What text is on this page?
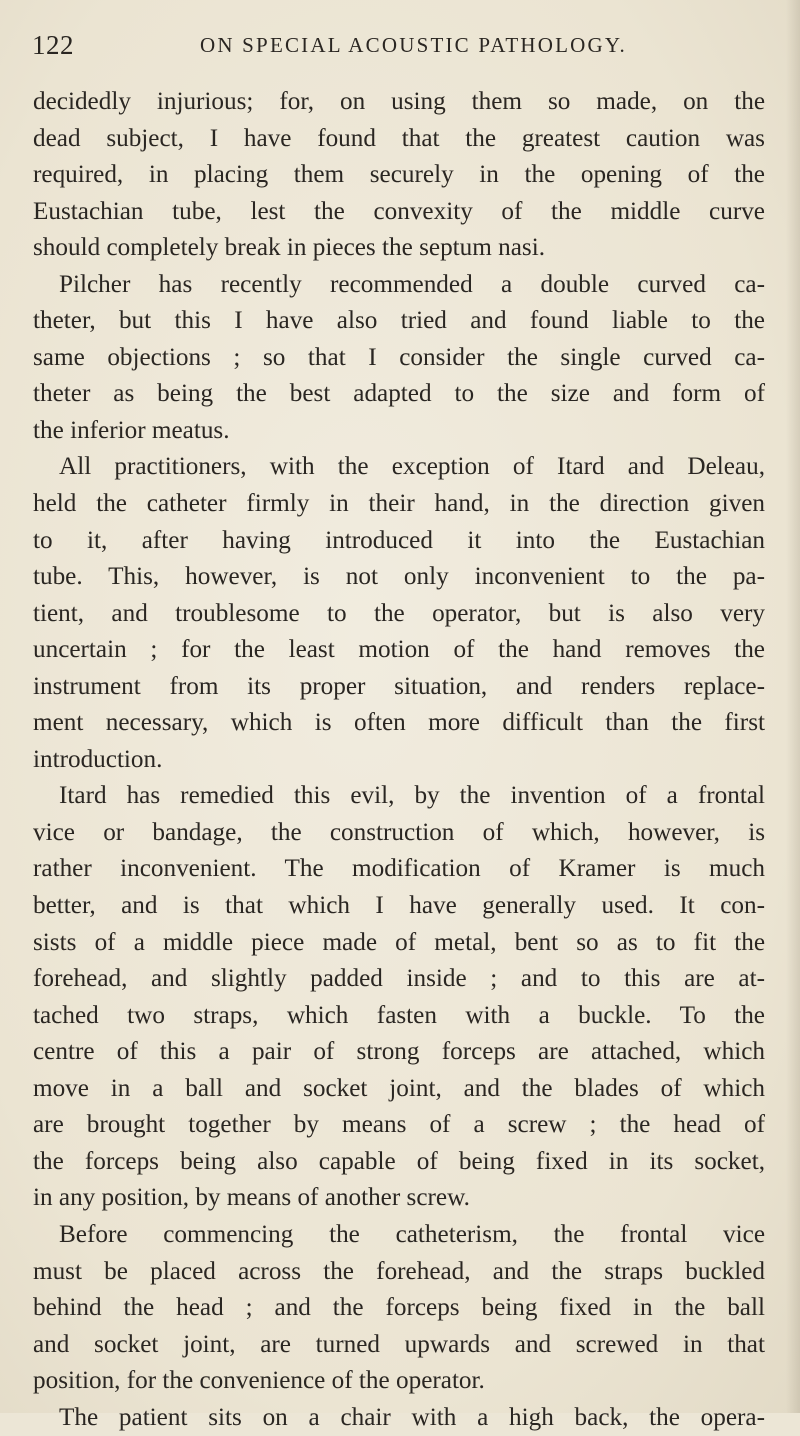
122	ON SPECIAL ACOUSTIC PATHOLOGY.
decidedly injurious; for, on using them so made, on the
dead subject, I have found that the greatest caution was
required, in placing them securely in the opening of the
Eustachian tube, lest the convexity of the middle curve
should completely break in pieces the septum nasi.
Pilcher has recently recommended a double curved ca-
theter, but this I have also tried and found liable to the
same objections ; so that I consider the single curved ca-
theter as being the best adapted to the size and form of
the inferior meatus.
All practitioners, with the exception of Itard and Deleau,
held the catheter firmly in their hand, in the direction given
to it, after having introduced it into the Eustachian
tube. This, however, is not only inconvenient to the pa-
tient, and troublesome to the operator, but is also very
uncertain ; for the least motion of the hand removes the
instrument from its proper situation, and renders replace-
ment necessary, which is often more difficult than the first
introduction.
Itard has remedied this evil, by the invention of a frontal
vice or bandage, the construction of which, however, is
rather inconvenient. The modification of Kramer is much
better, and is that which I have generally used. It con-
sists of a middle piece made of metal, bent so as to fit the
forehead, and slightly padded inside ; and to this are at-
tached two straps, which fasten with a buckle. To the
centre of this a pair of strong forceps are attached, which
move in a ball and socket joint, and the blades of which
are brought together by means of a screw ; the head of
the forceps being also capable of being fixed in its socket,
in any position, by means of another screw.
Before commencing the catheterism, the frontal vice
must be placed across the forehead, and the straps buckled
behind the head ; and the forceps being fixed in the ball
and socket joint, are turned upwards and screwed in that
position, for the convenience of the operator.
The patient sits on a chair with a high back, the opera-
